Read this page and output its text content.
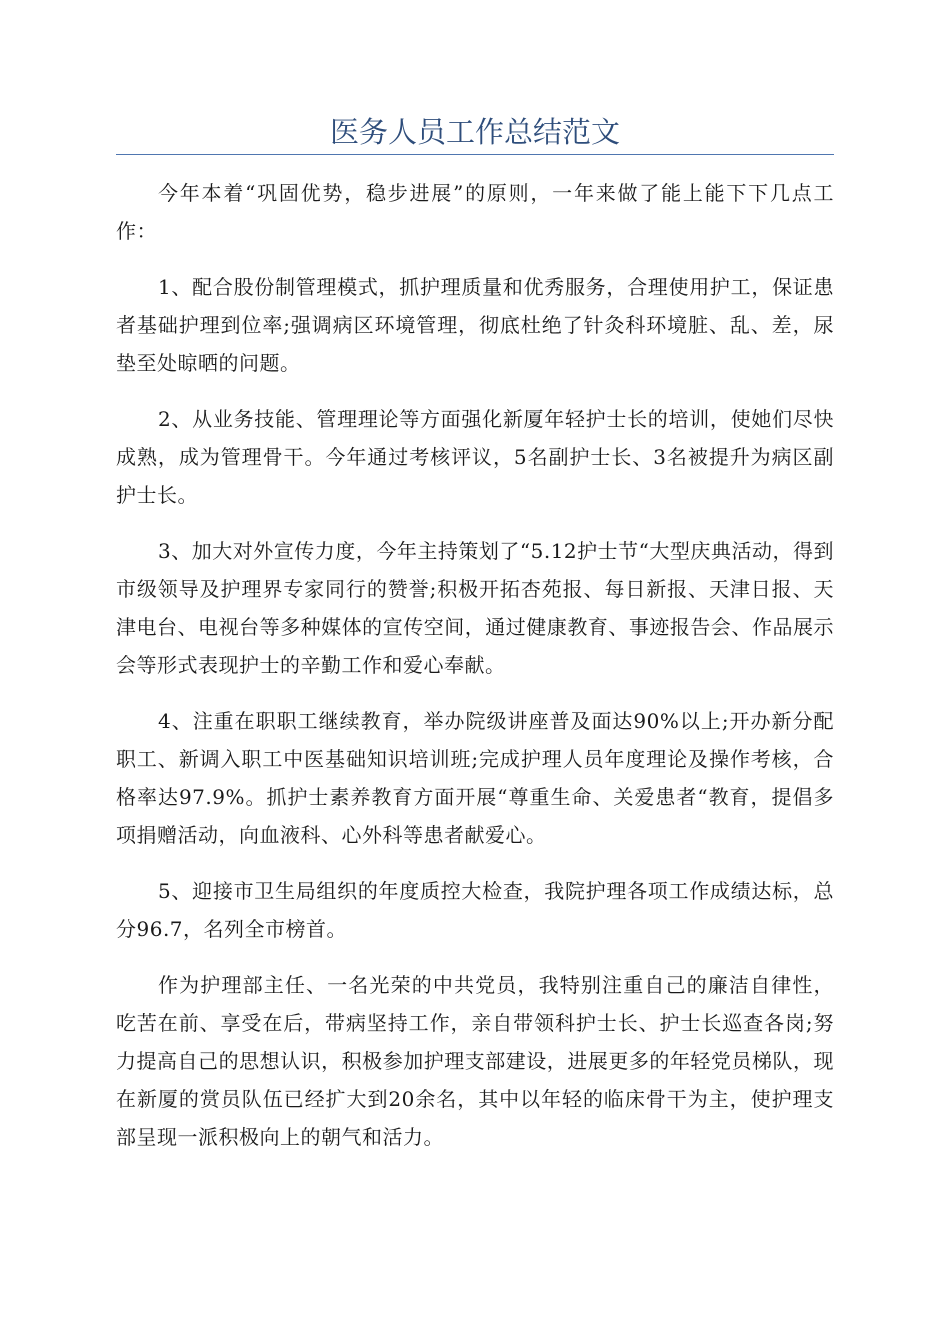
医务人员工作总结范文

今年本着“巩固优势，稳步进展”的原则，一年来做了能上能下下几点工作：

1、配合股份制管理模式，抓护理质量和优秀服务，合理使用护工，保证患者基础护理到位率;强调病区环境管理，彻底杜绝了针灸科环境脏、乱、差，尿垫至处晾晒的问题。

2、从业务技能、管理理论等方面强化新厦年轻护士长的培训，使她们尽快成熟，成为管理骨干。今年通过考核评议，5名副护士长、3名被提升为病区副护士长。

3、加大对外宣传力度，今年主持策划了“5.12护士节“大型庆典活动，得到市级领导及护理界专家同行的赞誉;积极开拓杏苑报、每日新报、天津日报、天津电台、电视台等多种媒体的宣传空间，通过健康教育、事迹报告会、作品展示会等形式表现护士的辛勤工作和爱心奉献。

4、注重在职职工继续教育，举办院级讲座普及面达90%以上;开办新分配职工、新调入职工中医基础知识培训班;完成护理人员年度理论及操作考核，合格率达97.9%。抓护士素养教育方面开展“尊重生命、关爱患者“教育，提倡多项捐赠活动，向血液科、心外科等患者献爱心。

5、迎接市卫生局组织的年度质控大检查，我院护理各项工作成绩达标，总分96.7，名列全市榜首。

作为护理部主任、一名光荣的中共党员，我特别注重自己的廉洁自律性，吃苦在前、享受在后，带病坚持工作，亲自带领科护士长、护士长巡查各岗;努力提高自己的思想认识，积极参加护理支部建设，进展更多的年轻党员梯队，现在新厦的赏员队伍已经扩大到20余名，其中以年轻的临床骨干为主，使护理支部呈现一派积极向上的朝气和活力。
